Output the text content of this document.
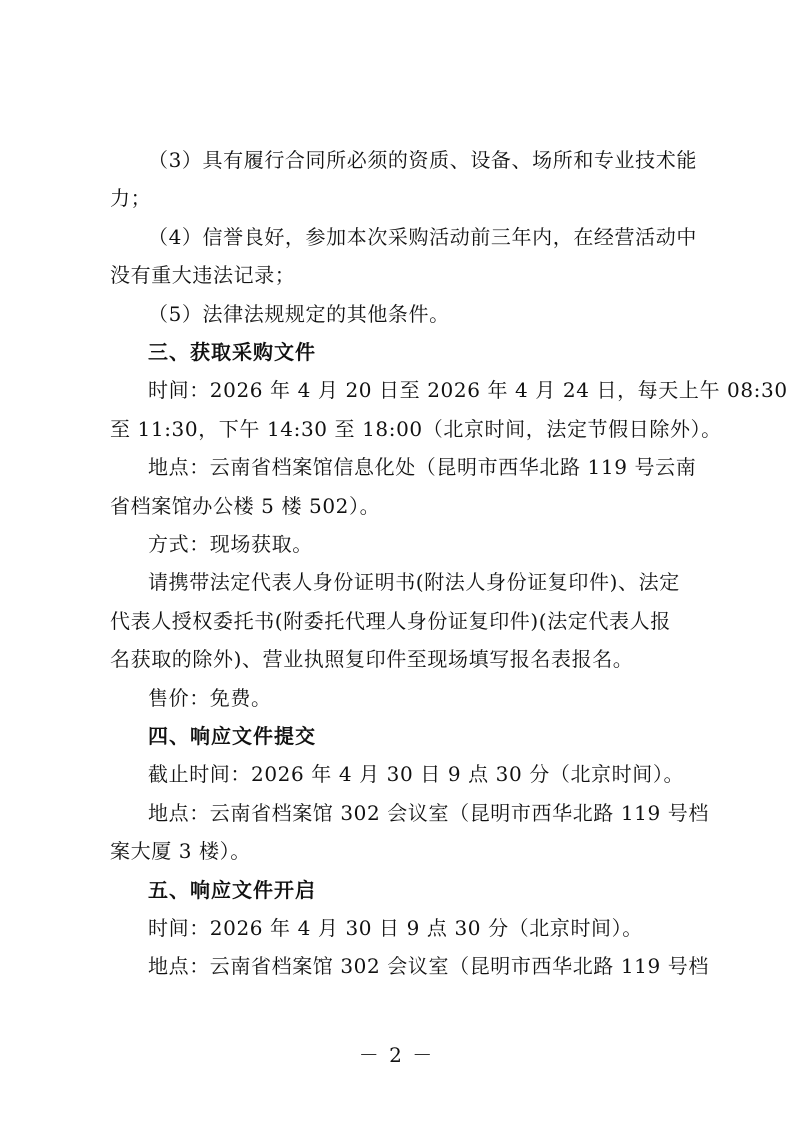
（3）具有履行合同所必须的资质、设备、场所和专业技术能
力；
（4）信誉良好，参加本次采购活动前三年内，在经营活动中
没有重大违法记录；
（5）法律法规规定的其他条件。
三、获取采购文件
时间：2026 年 4 月 20 日至 2026 年 4 月 24 日，每天上午 08:30
至 11:30，下午 14:30 至 18:00（北京时间，法定节假日除外）。
地点：云南省档案馆信息化处（昆明市西华北路 119 号云南
省档案馆办公楼 5 楼 502）。
方式：现场获取。
请携带法定代表人身份证明书(附法人身份证复印件)、法定
代表人授权委托书(附委托代理人身份证复印件)(法定代表人报
名获取的除外)、营业执照复印件至现场填写报名表报名。
售价：免费。
四、响应文件提交
截止时间：2026 年 4 月 30 日 9 点 30 分（北京时间）。
地点：云南省档案馆 302 会议室（昆明市西华北路 119 号档
案大厦 3 楼）。
五、响应文件开启
时间：2026 年 4 月 30 日 9 点 30 分（北京时间）。
地点：云南省档案馆 302 会议室（昆明市西华北路 119 号档
－ 2 －
